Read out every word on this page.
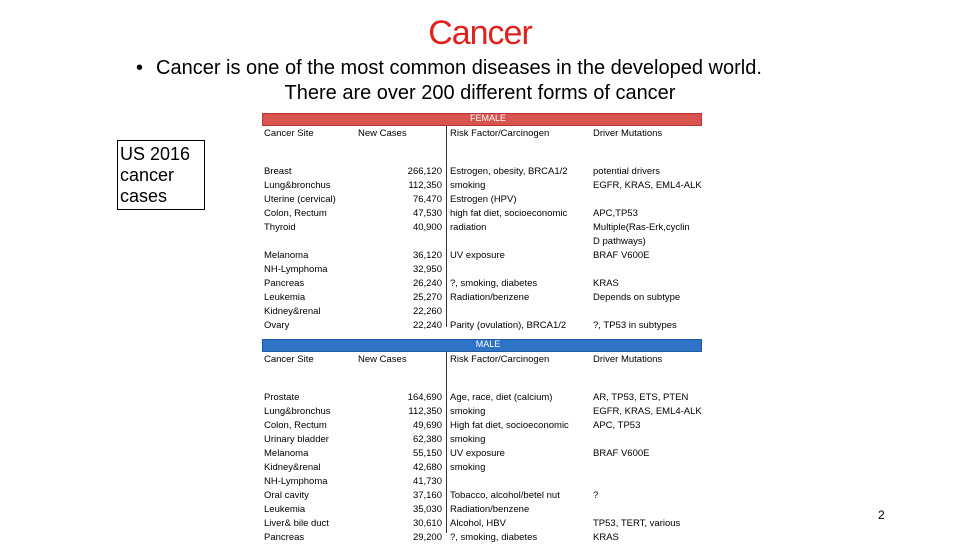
Cancer
• Cancer is one of the most common diseases in the developed world.
There are over 200 different forms of cancer
US 2016
cancer
cases
FEMALE
Cancer Site	New Cases	Risk Factor/Carcinogen	Driver Mutations
Breast	266,120 Estrogen, obesity, BRCA1/2	potential drivers
Lung&bronchus	112,350 smoking	EGFR, KRAS, EML4-ALK
Uterine (cervical)	76,470 Estrogen (HPV)
Colon, Rectum	47,530 high fat diet, socioeconomic	APC,TP53
Thyroid	40,900 radiation	Multiple(Ras-Erk,cyclin
D pathways)
Melanoma	36,120 UV exposure	BRAF V600E
NH-Lymphoma	32,950
Pancreas	26,240 ?, smoking, diabetes	KRAS
Leukemia	25,270 Radiation/benzene	Depends on subtype
Kidney&renal	22,260
Ovary	22,240 Parity (ovulation), BRCA1/2	?, TP53 in subtypes
MALE
Cancer Site	New Cases	Risk Factor/Carcinogen	Driver Mutations
Prostate	164,690 Age, race, diet (calcium)	AR, TP53, ETS, PTEN
Lung&bronchus	112,350 smoking	EGFR, KRAS, EML4-ALK
Colon, Rectum	49,690 High fat diet, socioeconomic	APC, TP53
Urinary bladder	62,380 smoking
Melanoma	55,150 UV exposure	BRAF V600E
Kidney&renal	42,680 smoking
NH-Lymphoma	41,730
Oral cavity	37,160 Tobacco, alcohol/betel nut	?
Leukemia	35,030 Radiation/benzene
Liver& bile duct	30,610 Alcohol, HBV	TP53, TERT, various
Pancreas	29,200 ?, smoking, diabetes	KRAS
2
